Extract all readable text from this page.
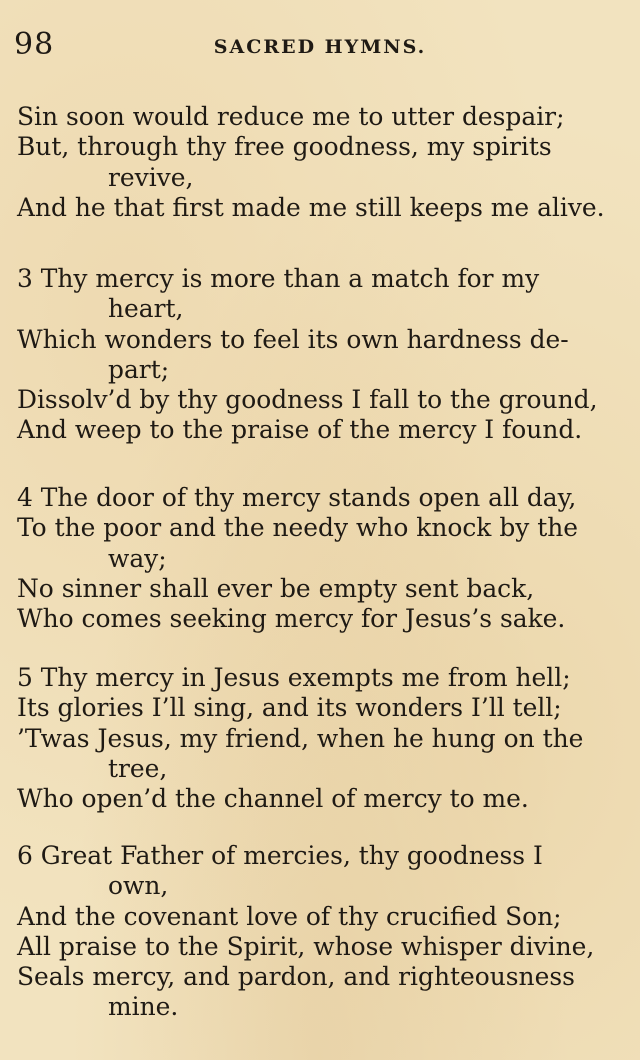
98	SACRED HYMNS.
Sin soon would reduce me to utter despair;
But, through thy free goodness, my spirits
revive,
And he that first made me still keeps me alive.
3 Thy mercy is more than a match for my
heart,
Which wonders to feel its own hardness de-
part;
Dissolv’d by thy goodness I fall to the ground,
And weep to the praise of the mercy I found.
4 The door of thy mercy stands open all day,
To the poor and the needy who knock by the
way;
No sinner shall ever be empty sent back,
Who comes seeking mercy for Jesus’s sake.
5 Thy mercy in Jesus exempts me from hell;
Its glories I’ll sing, and its wonders I’ll tell;
’Twas Jesus, my friend, when he hung on the
tree,
Who open’d the channel of mercy to me.
6 Great Father of mercies, thy goodness I
own,
And the covenant love of thy crucified Son;
All praise to the Spirit, whose whisper divine,
Seals mercy, and pardon, and righteousness
mine.
